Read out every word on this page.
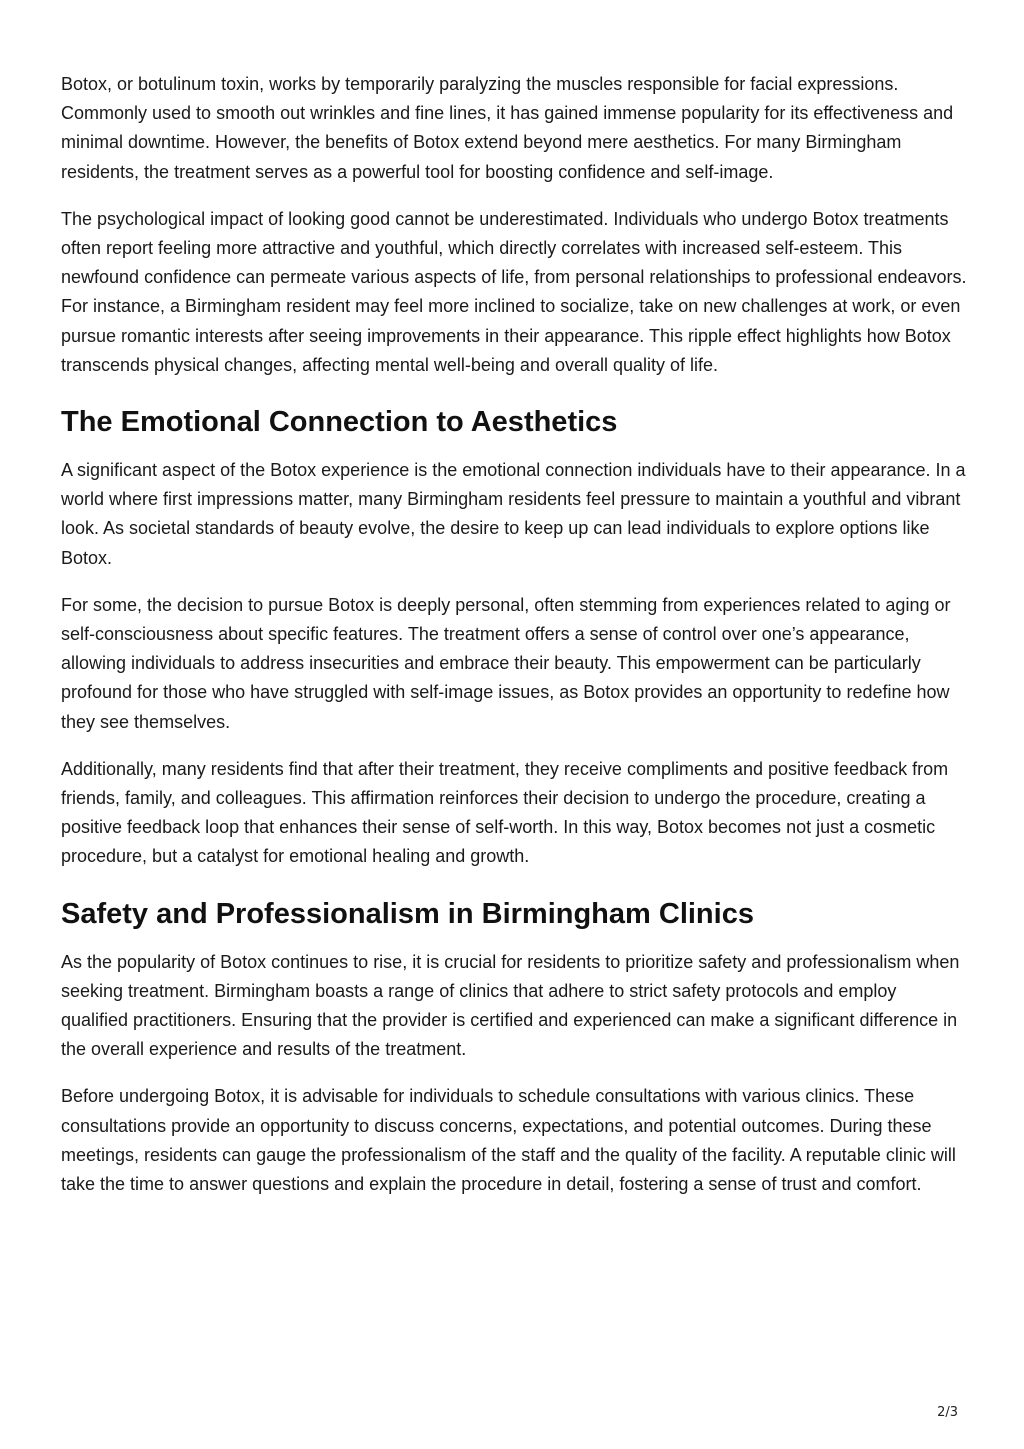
Botox, or botulinum toxin, works by temporarily paralyzing the muscles responsible for facial expressions. Commonly used to smooth out wrinkles and fine lines, it has gained immense popularity for its effectiveness and minimal downtime. However, the benefits of Botox extend beyond mere aesthetics. For many Birmingham residents, the treatment serves as a powerful tool for boosting confidence and self-image.

The psychological impact of looking good cannot be underestimated. Individuals who undergo Botox treatments often report feeling more attractive and youthful, which directly correlates with increased self-esteem. This newfound confidence can permeate various aspects of life, from personal relationships to professional endeavors. For instance, a Birmingham resident may feel more inclined to socialize, take on new challenges at work, or even pursue romantic interests after seeing improvements in their appearance. This ripple effect highlights how Botox transcends physical changes, affecting mental well-being and overall quality of life.

The Emotional Connection to Aesthetics

A significant aspect of the Botox experience is the emotional connection individuals have to their appearance. In a world where first impressions matter, many Birmingham residents feel pressure to maintain a youthful and vibrant look. As societal standards of beauty evolve, the desire to keep up can lead individuals to explore options like Botox.

For some, the decision to pursue Botox is deeply personal, often stemming from experiences related to aging or self-consciousness about specific features. The treatment offers a sense of control over one’s appearance, allowing individuals to address insecurities and embrace their beauty. This empowerment can be particularly profound for those who have struggled with self-image issues, as Botox provides an opportunity to redefine how they see themselves.

Additionally, many residents find that after their treatment, they receive compliments and positive feedback from friends, family, and colleagues. This affirmation reinforces their decision to undergo the procedure, creating a positive feedback loop that enhances their sense of self-worth. In this way, Botox becomes not just a cosmetic procedure, but a catalyst for emotional healing and growth.

Safety and Professionalism in Birmingham Clinics

As the popularity of Botox continues to rise, it is crucial for residents to prioritize safety and professionalism when seeking treatment. Birmingham boasts a range of clinics that adhere to strict safety protocols and employ qualified practitioners. Ensuring that the provider is certified and experienced can make a significant difference in the overall experience and results of the treatment.

Before undergoing Botox, it is advisable for individuals to schedule consultations with various clinics. These consultations provide an opportunity to discuss concerns, expectations, and potential outcomes. During these meetings, residents can gauge the professionalism of the staff and the quality of the facility. A reputable clinic will take the time to answer questions and explain the procedure in detail, fostering a sense of trust and comfort.

2/3
